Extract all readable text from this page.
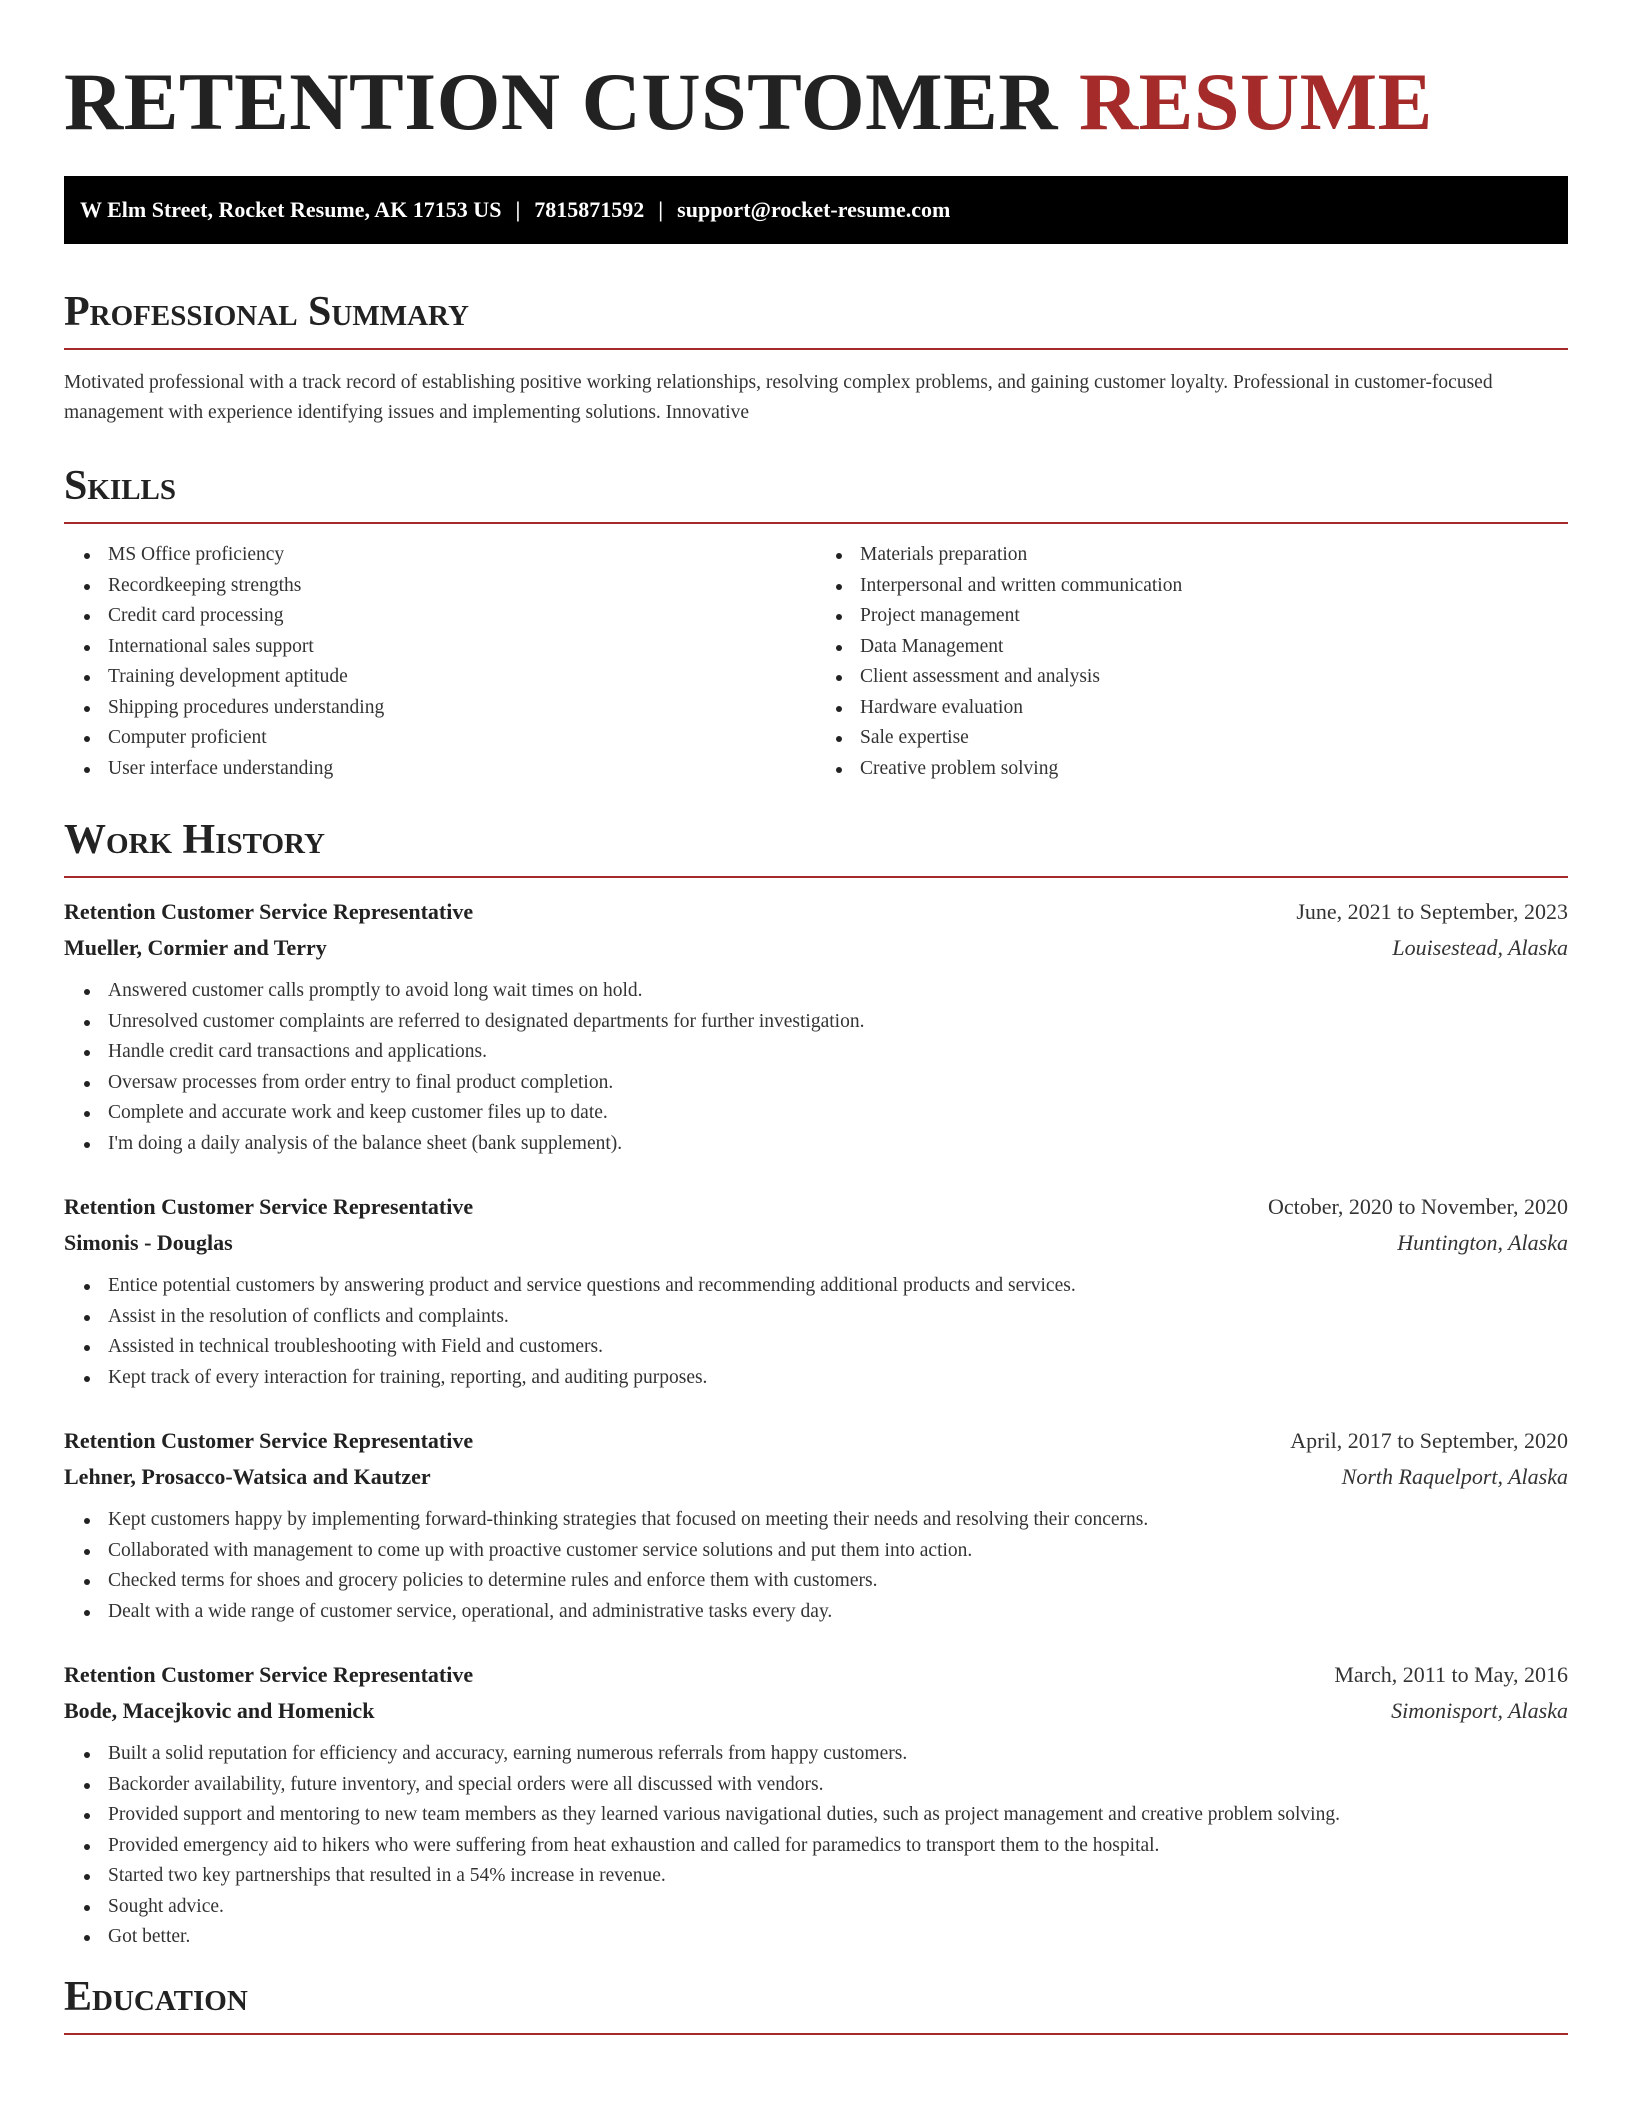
RETENTION CUSTOMER RESUME
W Elm Street, Rocket Resume, AK 17153 US | 7815871592 | support@rocket-resume.com
Professional Summary

Motivated professional with a track record of establishing positive working relationships, resolving complex problems, and gaining customer loyalty. Professional in customer-focused management with experience identifying issues and implementing solutions. Innovative

Skills
MS Office proficiency
Recordkeeping strengths
Credit card processing
International sales support
Training development aptitude
Shipping procedures understanding
Computer proficient
User interface understanding
Materials preparation
Interpersonal and written communication
Project management
Data Management
Client assessment and analysis
Hardware evaluation
Sale expertise
Creative problem solving
Work History
Retention Customer Service Representative	June, 2021 to September, 2023
Mueller, Cormier and Terry	Louisestead, Alaska
Answered customer calls promptly to avoid long wait times on hold.
Unresolved customer complaints are referred to designated departments for further investigation.
Handle credit card transactions and applications.
Oversaw processes from order entry to final product completion.
Complete and accurate work and keep customer files up to date.
I'm doing a daily analysis of the balance sheet (bank supplement).
Retention Customer Service Representative	October, 2020 to November, 2020
Simonis - Douglas	Huntington, Alaska
Entice potential customers by answering product and service questions and recommending additional products and services.
Assist in the resolution of conflicts and complaints.
Assisted in technical troubleshooting with Field and customers.
Kept track of every interaction for training, reporting, and auditing purposes.
Retention Customer Service Representative	April, 2017 to September, 2020
Lehner, Prosacco-Watsica and Kautzer	North Raquelport, Alaska
Kept customers happy by implementing forward-thinking strategies that focused on meeting their needs and resolving their concerns.
Collaborated with management to come up with proactive customer service solutions and put them into action.
Checked terms for shoes and grocery policies to determine rules and enforce them with customers.
Dealt with a wide range of customer service, operational, and administrative tasks every day.
Retention Customer Service Representative	March, 2011 to May, 2016
Bode, Macejkovic and Homenick	Simonisport, Alaska
Built a solid reputation for efficiency and accuracy, earning numerous referrals from happy customers.
Backorder availability, future inventory, and special orders were all discussed with vendors.
Provided support and mentoring to new team members as they learned various navigational duties, such as project management and creative problem solving.
Provided emergency aid to hikers who were suffering from heat exhaustion and called for paramedics to transport them to the hospital.
Started two key partnerships that resulted in a 54% increase in revenue.
Sought advice.
Got better.
Education
